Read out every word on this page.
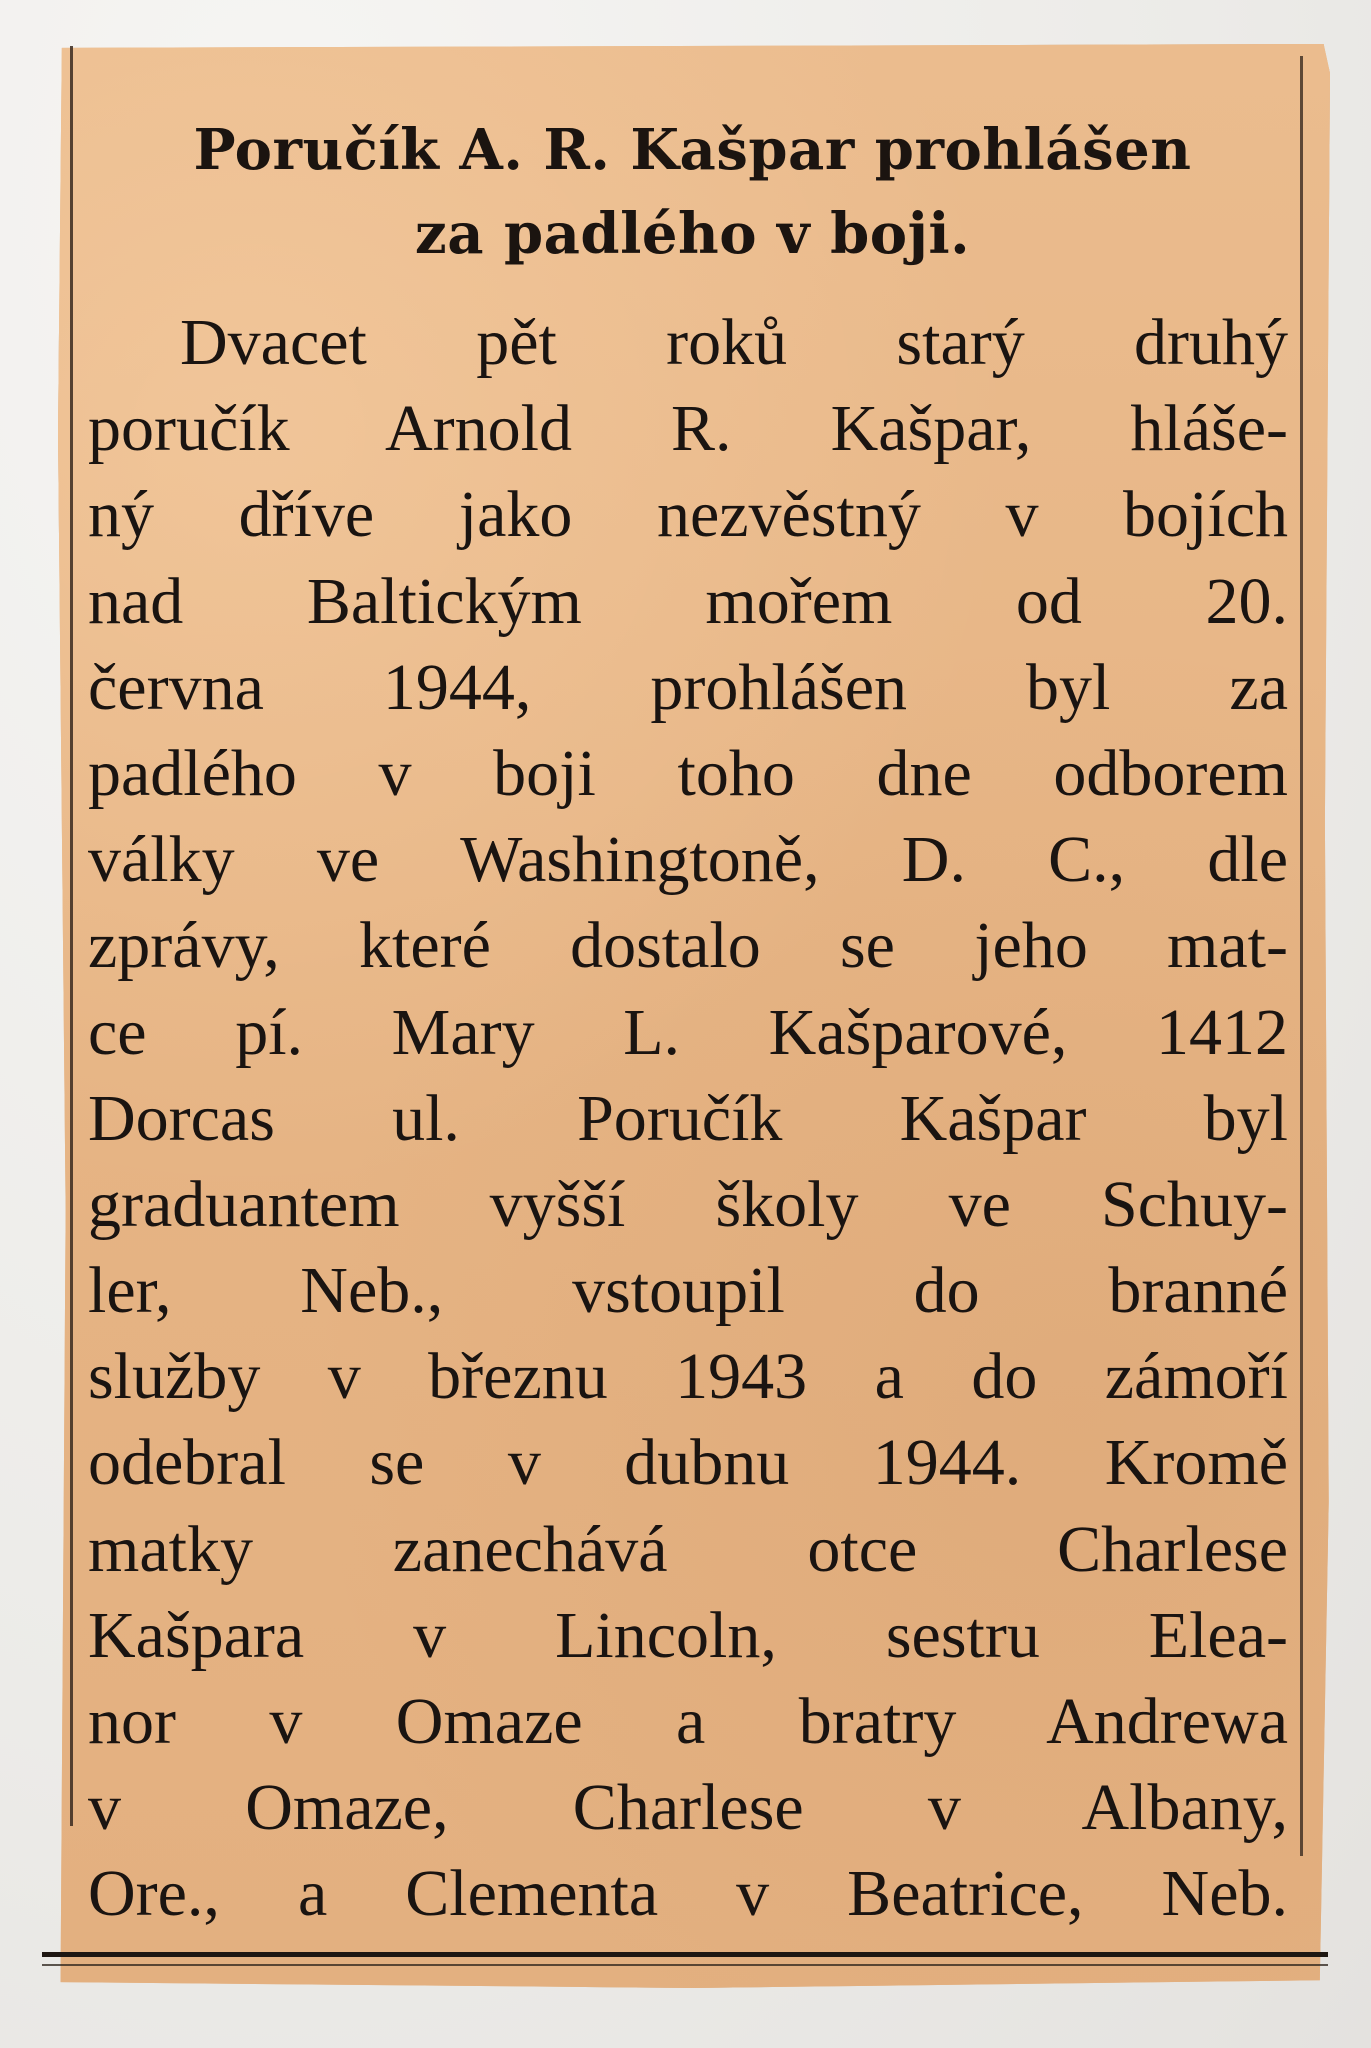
Poručík A. R. Kašpar prohlášen
za padlého v boji.
Dvacet pět roků starý druhý
poručík Arnold R. Kašpar, hláše-
ný dříve jako nezvěstný v bojích
nad Baltickým mořem od 20.
června 1944, prohlášen byl za
padlého v boji toho dne odborem
války ve Washingtoně, D. C., dle
zprávy, které dostalo se jeho mat-
ce pí. Mary L. Kašparové, 1412
Dorcas ul. Poručík Kašpar byl
graduantem vyšší školy ve Schuy-
ler, Neb., vstoupil do branné
služby v březnu 1943 a do zámoří
odebral se v dubnu 1944. Kromě
matky zanechává otce Charlese
Kašpara v Lincoln, sestru Elea-
nor v Omaze a bratry Andrewa
v Omaze, Charlese v Albany,
Ore., a Clementa v Beatrice, Neb.
